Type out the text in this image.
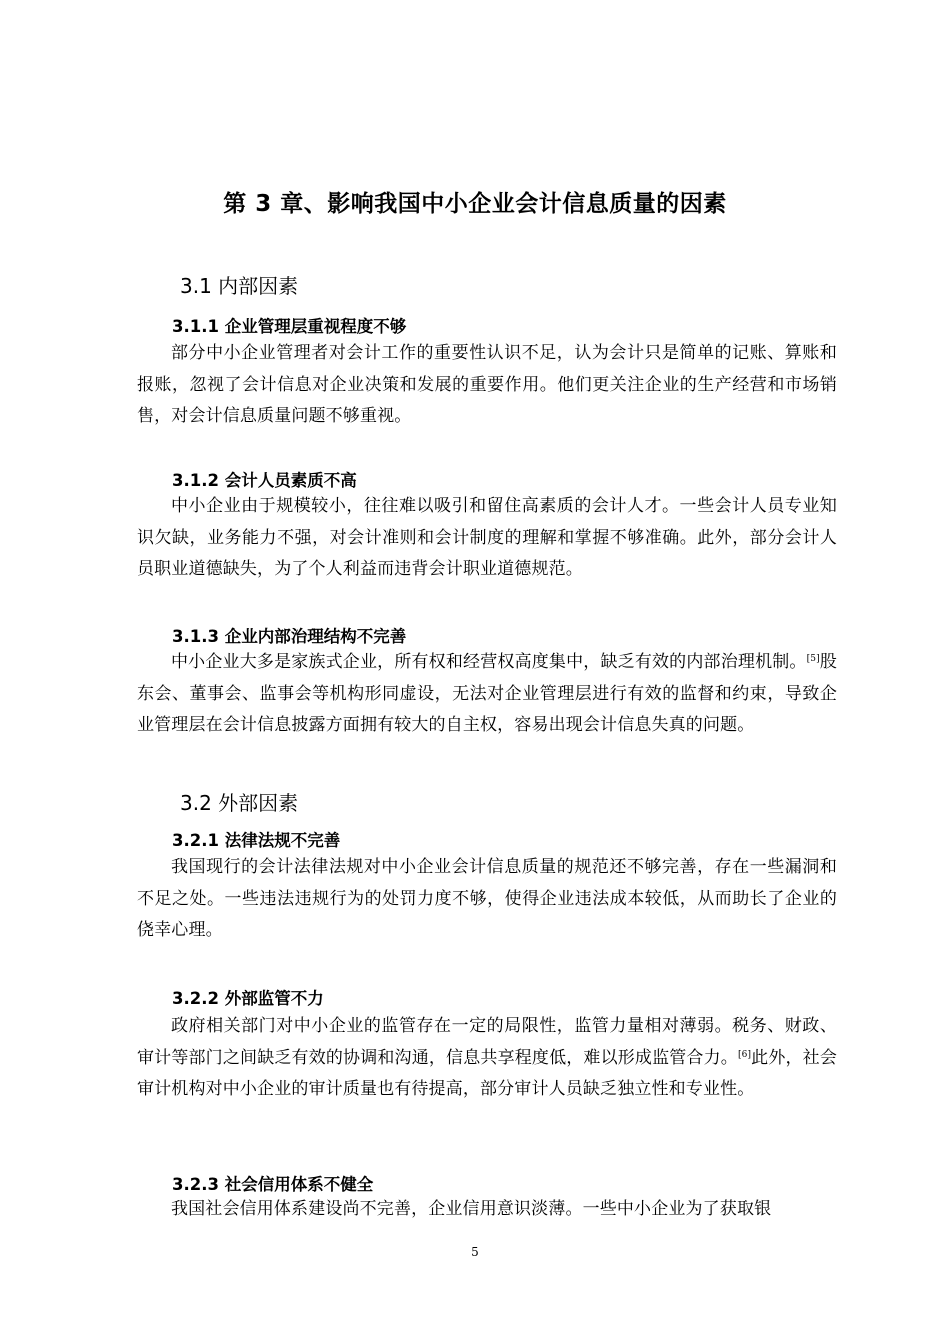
第 3 章、影响我国中小企业会计信息质量的因素
3.1 内部因素
3.1.1 企业管理层重视程度不够

部分中小企业管理者对会计工作的重要性认识不足，认为会计只是简单的记账、算账和报账，忽视了会计信息对企业决策和发展的重要作用。他们更关注企业的生产经营和市场销售，对会计信息质量问题不够重视。

3.1.2 会计人员素质不高

中小企业由于规模较小，往往难以吸引和留住高素质的会计人才。一些会计人员专业知识欠缺，业务能力不强，对会计准则和会计制度的理解和掌握不够准确。此外，部分会计人员职业道德缺失，为了个人利益而违背会计职业道德规范。

3.1.3 企业内部治理结构不完善

中小企业大多是家族式企业，所有权和经营权高度集中，缺乏有效的内部治理机制。[5]股东会、董事会、监事会等机构形同虚设，无法对企业管理层进行有效的监督和约束，导致企业管理层在会计信息披露方面拥有较大的自主权，容易出现会计信息失真的问题。

3.2 外部因素
3.2.1 法律法规不完善

我国现行的会计法律法规对中小企业会计信息质量的规范还不够完善，存在一些漏洞和不足之处。一些违法违规行为的处罚力度不够，使得企业违法成本较低，从而助长了企业的侥幸心理。

3.2.2 外部监管不力

政府相关部门对中小企业的监管存在一定的局限性，监管力量相对薄弱。税务、财政、审计等部门之间缺乏有效的协调和沟通，信息共享程度低，难以形成监管合力。[6]此外，社会审计机构对中小企业的审计质量也有待提高，部分审计人员缺乏独立性和专业性。

3.2.3 社会信用体系不健全

我国社会信用体系建设尚不完善，企业信用意识淡薄。一些中小企业为了获取银

5
